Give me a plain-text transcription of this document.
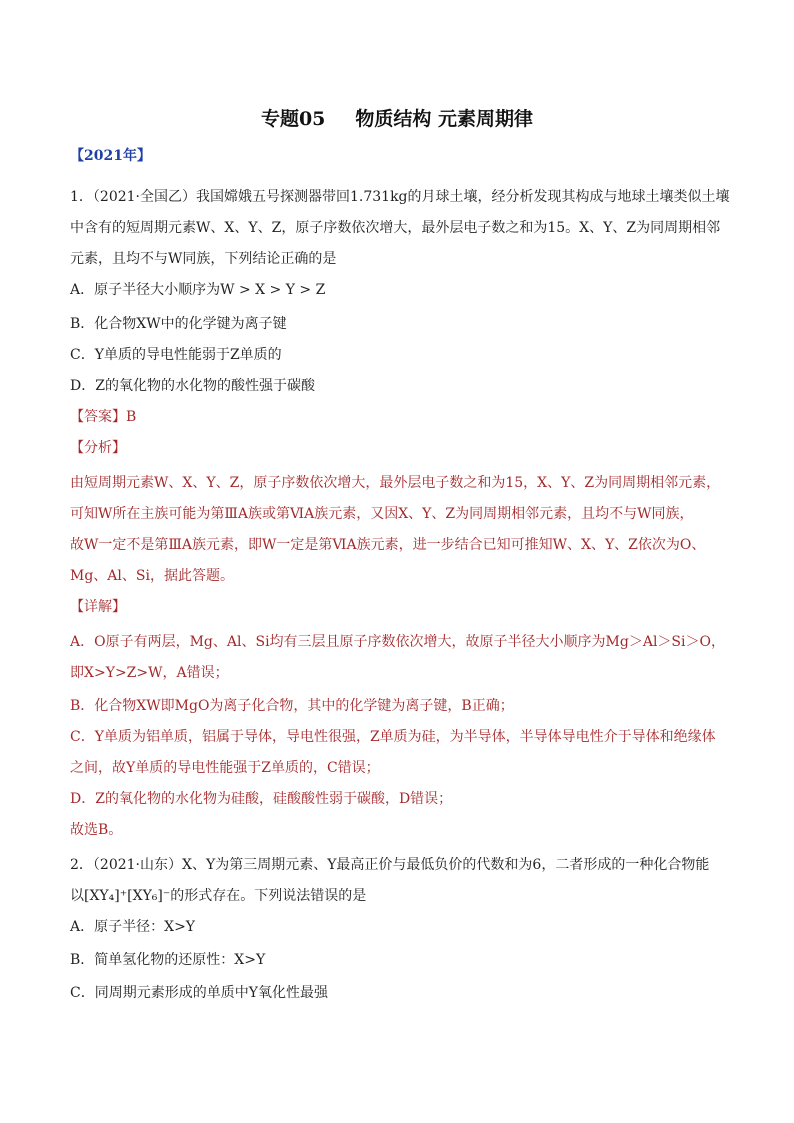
专题05 物质结构 元素周期律
【2021年】
1．（2021·全国乙）我国嫦娥五号探测器带回1.731kg的月球土壤，经分析发现其构成与地球土壤类似土壤
中含有的短周期元素W、X、Y、Z，原子序数依次增大，最外层电子数之和为15。X、Y、Z为同周期相邻
元素，且均不与W同族，下列结论正确的是
A．原子半径大小顺序为W > X > Y > Z
B．化合物XW中的化学键为离子键
C．Y单质的导电性能弱于Z单质的
D．Z的氧化物的水化物的酸性强于碳酸
【答案】B
【分析】
由短周期元素W、X、Y、Z，原子序数依次增大，最外层电子数之和为15，X、Y、Z为同周期相邻元素，
可知W所在主族可能为第ⅢA族或第ⅥA族元素，又因X、Y、Z为同周期相邻元素，且均不与W同族，
故W一定不是第ⅢA族元素，即W一定是第ⅥA族元素，进一步结合已知可推知W、X、Y、Z依次为O、
Mg、Al、Si，据此答题。
【详解】
A．O原子有两层，Mg、Al、Si均有三层且原子序数依次增大，故原子半径大小顺序为Mg＞Al＞Si＞O，
即X>Y>Z>W，A错误；
B．化合物XW即MgO为离子化合物，其中的化学键为离子键，B正确；
C．Y单质为铝单质，铝属于导体，导电性很强，Z单质为硅，为半导体，半导体导电性介于导体和绝缘体
之间，故Y单质的导电性能强于Z单质的，C错误；
D．Z的氧化物的水化物为硅酸，硅酸酸性弱于碳酸，D错误；
故选B。
2．（2021·山东）X、Y为第三周期元素、Y最高正价与最低负价的代数和为6，二者形成的一种化合物能
以[XY₄]⁺[XY₆]⁻的形式存在。下列说法错误的是
A．原子半径：X>Y
B．简单氢化物的还原性：X>Y
C．同周期元素形成的单质中Y氧化性最强
